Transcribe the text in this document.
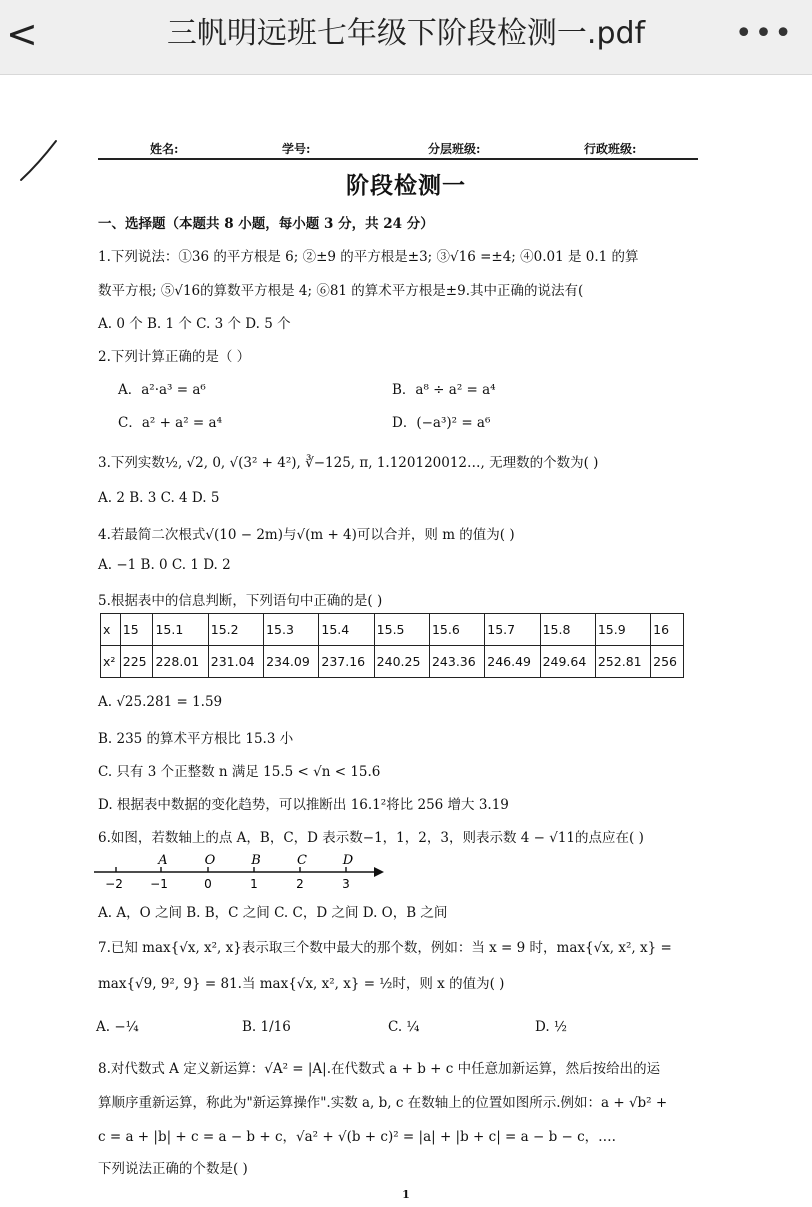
<	三帆明远班七年级下阶段检测一.pdf	•••
姓名:	学号:	分层班级:	行政班级:
阶段检测一
一、选择题（本题共 8 小题，每小题 3 分，共 24 分）
1.下列说法：①36 的平方根是 6; ②±9 的平方根是±3; ③√16 =±4; ④0.01 是 0.1 的算
数平方根; ⑤√16的算数平方根是 4; ⑥81 的算术平方根是±9.其中正确的说法有(
A. 0 个 B. 1 个 C. 3 个 D. 5 个
2.下列计算正确的是（ ）
A．a²·a³ = a⁶	B．a⁸ ÷ a² = a⁴
C．a² + a² = a⁴	D．(−a³)² = a⁶
3.下列实数½, √2, 0, √(3² + 4²), ∛−125, π, 1.120120012…, 无理数的个数为( )
A. 2 B. 3 C. 4 D. 5
4.若最简二次根式√(10 − 2m)与√(m + 4)可以合并，则 m 的值为( )
A. −1 B. 0 C. 1 D. 2
5.根据表中的信息判断，下列语句中正确的是( )
x	15	15.1	15.2	15.3	15.4	15.5	15.6	15.7	15.8	15.9	16
x²	225	228.01	231.04	234.09	237.16	240.25	243.36	246.49	249.64	252.81	256
A. √25.281 = 1.59
B. 235 的算术平方根比 15.3 小
C. 只有 3 个正整数 n 满足 15.5 < √n < 15.6
D. 根据表中数据的变化趋势，可以推断出 16.1²将比 256 增大 3.19
6.如图，若数轴上的点 A，B，C，D 表示数−1，1，2，3，则表示数 4 − √11的点应在( )
A	O	B	C	D
−2 −1	0	1	2	3
A. A，O 之间 B. B，C 之间 C. C，D 之间 D. O，B 之间
7.已知 max{√x, x², x}表示取三个数中最大的那个数，例如：当 x = 9 时，max{√x, x², x} =
max{√9, 9², 9} = 81.当 max{√x, x², x} = ½时，则 x 的值为( )
A. −¼	B. 1/16	C. ¼	D. ½
8.对代数式 A 定义新运算：√A² = |A|.在代数式 a + b + c 中任意加新运算，然后按给出的运
算顺序重新运算，称此为"新运算操作".实数 a, b, c 在数轴上的位置如图所示.例如：a + √b² +
c = a + |b| + c = a − b + c，√a² + √(b + c)² = |a| + |b + c| = a − b − c，….
下列说法正确的个数是( )
1
